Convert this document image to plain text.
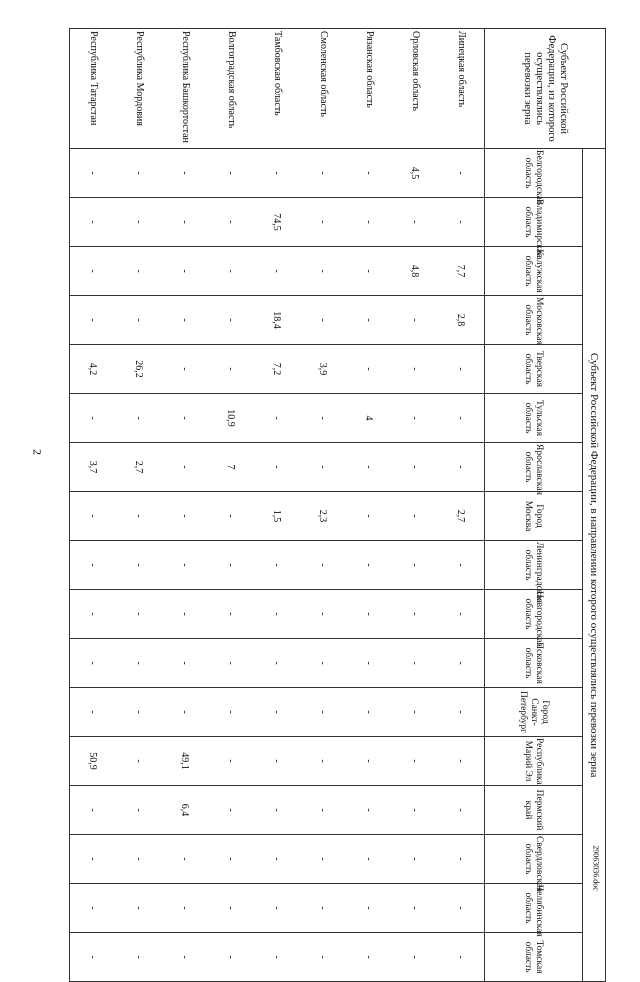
2
29063036.doc
Субъект Российской Федерации, из которого осуществлялись перевозки зерна	Субъект Российской Федерации, в направлении которого осуществлялись перевозки зерна																
	Белгородская область	Владимирская область	Калужская область	Московская область	Тверская область	Тульская область	Ярославская область	Город Москва	Ленинградская область	Новгородская область	Псковская область	Город Санкт-Петербург	Республика Марий Эл	Пермский край	Свердловская область	Челябинская область	Томская область
Липецкая область	-	-	7,7	2,8	-	-	-	2,7	-	-	-	-	-	-	-	-	-
Орловская область	4,5	-	4,8	-	-	-	-	-	-	-	-	-	-	-	-	-	-
Рязанская область	-	-	-	-	-	4	-	-	-	-	-	-	-	-	-	-	-
Смоленская область	-	-	-	-	3,9	-	-	2,3	-	-	-	-	-	-	-	-	-
Тамбовская область	-	74,5	-	18,4	7,2	-	-	1,5	-	-	-	-	-	-	-	-	-
Волгоградская область	-	-	-	-	-	10,9	7	-	-	-	-	-	-	-	-	-	-
Республика Башкортостан	-	-	-	-	-	-	-	-	-	-	-	-	49,1	6,4	-	-	-
Республика Мордовия	-	-	-	-	26,2	-	2,7	-	-	-	-	-	-	-	-	-	-
Республика Татарстан	-	-	-	-	4,2	-	3,7	-	-	-	-	-	50,9	-	-	-	-
